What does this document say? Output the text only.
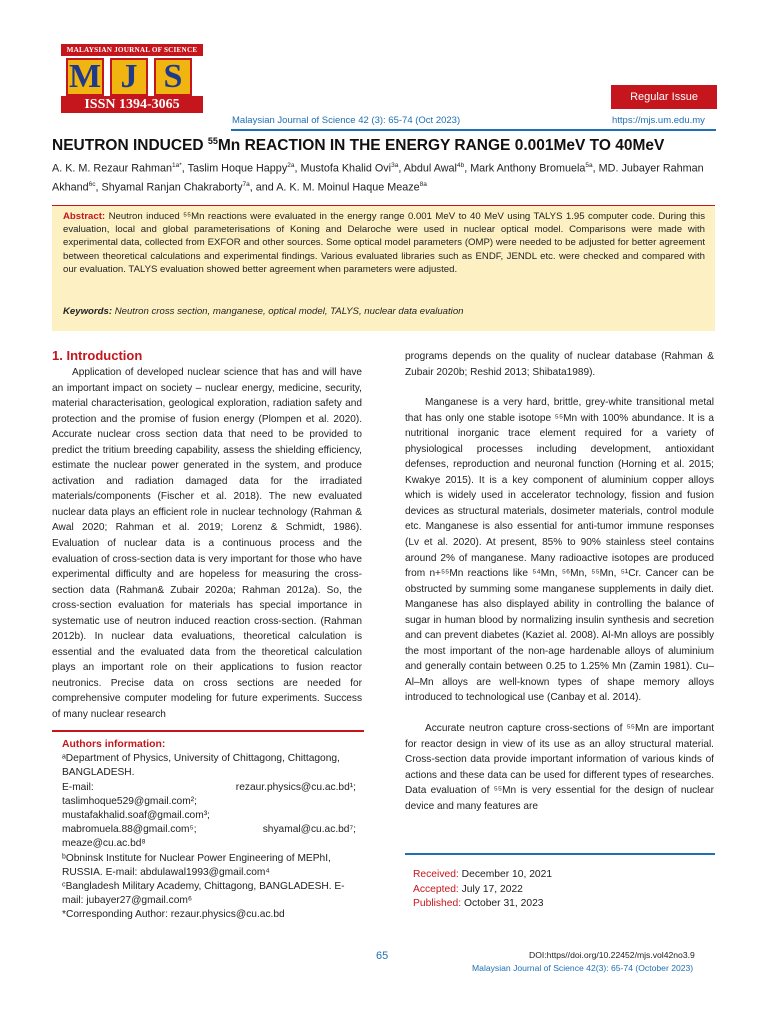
MALAYSIAN JOURNAL OF SCIENCE
M J S
ISSN 1394-3065	Regular Issue
Malaysian Journal of Science 42 (3): 65-74 (Oct 2023)	https://mjs.um.edu.my
NEUTRON INDUCED $^{55}$Mn REACTION IN THE ENERGY RANGE 0.001MeV TO 40MeV
A. K. M. Rezaur Rahman$^{1a*}$, Taslim Hoque Happy$^{2a}$, Mustofa Khalid Ovi$^{3a}$, Abdul Awal$^{4b}$, Mark Anthony Bromuela$^{5a}$, MD. Jubayer Rahman Akhand$^{6c}$, Shyamal Ranjan Chakraborty$^{7a}$, and A. K. M. Moinul Haque Meaze$^{8a}$
Abstract: Neutron induced ⁵⁵Mn reactions were evaluated in the energy range 0.001 MeV to 40 MeV using TALYS 1.95 computer code. During this evaluation, local and global parameterisations of Koning and Delaroche were used in nuclear optical model. Comparisons were made with experimental data, collected from EXFOR and other sources. Some optical model parameters (OMP) were needed to be adjusted for better agreement between theoretical calculations and experimental findings. Various evaluated libraries such as ENDF, JENDL etc. were checked and compared with our evaluation. TALYS evaluation showed better agreement when parameters were adjusted.
Keywords: Neutron cross section, manganese, optical model, TALYS, nuclear data evaluation
1. Introduction

Application of developed nuclear science that has and will have an important impact on society – nuclear energy, medicine, security, material characterisation, geological exploration, radiation safety and protection and the promise of fusion energy (Plompen et al. 2020). Accurate nuclear cross section data that need to be provided to predict the tritium breeding capability, assess the shielding efficiency, estimate the nuclear power generated in the system, and produce activation and radiation damaged data for the irradiated materials/components (Fischer et al. 2018). The new evaluated nuclear data plays an efficient role in nuclear technology (Rahman & Awal 2020; Rahman et al. 2019; Lorenz & Schmidt, 1986). Evaluation of nuclear data is a continuous process and the evaluation of cross-section data is very important for those who have experimental difficulty and are hopeless for measuring the cross-section data (Rahman& Zubair 2020a; Rahman 2012a). So, the cross-section evaluation for materials has special importance in systematic use of neutron induced reaction cross-section. (Rahman 2012b). In nuclear data evaluations, theoretical calculation is essential and the evaluated data from the theoretical calculation plays an important role on their applications to fusion reactor neutronics. Precise data on cross sections are needed for comprehensive computer modeling for future experiments. Success of many nuclear research

programs depends on the quality of nuclear database (Rahman & Zubair 2020b; Reshid 2013; Shibata1989).

Manganese is a very hard, brittle, grey-white transitional metal that has only one stable isotope ⁵⁵Mn with 100% abundance. It is a nutritional inorganic trace element required for a variety of physiological processes including development, antioxidant defenses, reproduction and neuronal function (Horning et al. 2015; Kwakye 2015). It is a key component of aluminium copper alloys which is widely used in accelerator technology, fission and fusion devices as structural materials, dosimeter materials, control module etc. Manganese is also essential for anti-tumor immune responses (Lv et al. 2020). At present, 85% to 90% stainless steel contains around 2% of manganese. Many radioactive isotopes are produced from n+⁵⁵Mn reactions like ⁵⁴Mn, ⁵⁶Mn, ⁵⁵Mn, ⁵¹Cr. Cancer can be obstructed by summing some manganese supplements in daily diet. Manganese has also displayed ability in controlling the balance of sugar in human blood by normalizing insulin synthesis and secretion and can prevent diabetes (Kaziet al. 2008). Al-Mn alloys are possibly the most important of the non-age hardenable alloys of aluminium and generally contain between 0.25 to 1.25% Mn (Zamin 1981). Cu–Al–Mn alloys are well-known types of shape memory alloys introduced to technological use (Canbay et al. 2014).

Accurate neutron capture cross-sections of ⁵⁵Mn are important for reactor design in view of its use as an alloy structural material. Cross-section data provide important information of various kinds of actions and these data can be used for different types of researches. Data evaluation of ⁵⁵Mn is very essential for the design of nuclear device and many features are

Authors information:
ᵃDepartment of Physics, University of Chittagong, Chittagong, BANGLADESH.
E-mail:	rezaur.physics@cu.ac.bd¹;
taslimhoque529@gmail.com²;
mustafakhalid.soaf@gmail.com³;
mabromuela.88@gmail.com⁵;	shyamal@cu.ac.bd⁷;
meaze@cu.ac.bd⁸
ᵇObninsk Institute for Nuclear Power Engineering of MEPhI, RUSSIA. E-mail: abdulawal1993@gmail.com⁴
ᶜBangladesh Military Academy, Chittagong, BANGLADESH. E-mail: jubayer27@gmail.com⁶
*Corresponding Author: rezaur.physics@cu.ac.bd
Received: December 10, 2021
Accepted: July 17, 2022
Published: October 31, 2023
65	DOI:https//doi.org/10.22452/mjs.vol42no3.9
Malaysian Journal of Science 42(3): 65-74 (October 2023)
